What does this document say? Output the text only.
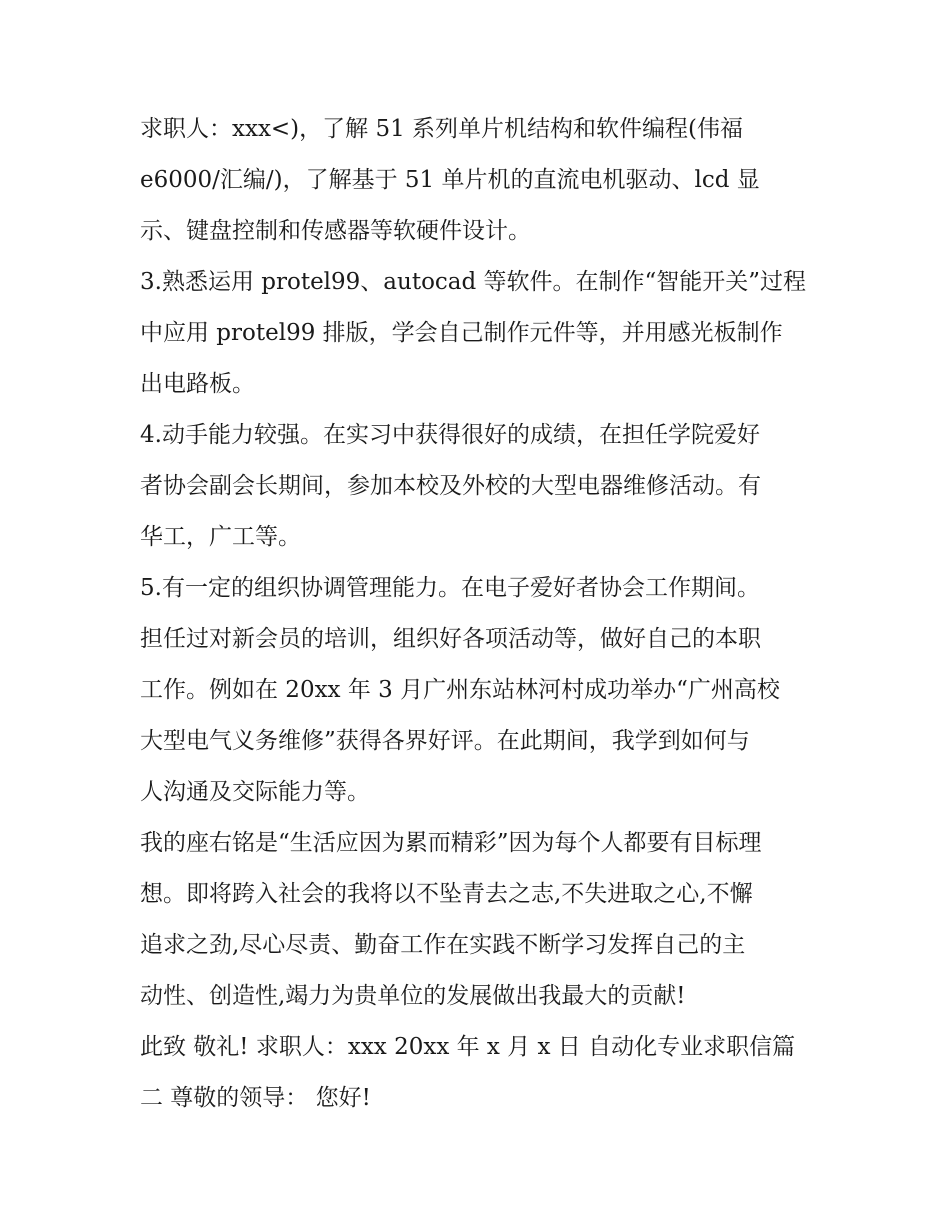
求职人：xxx<)，了解 51 系列单片机结构和软件编程(伟福
e6000/汇编/)，了解基于 51 单片机的直流电机驱动、lcd 显
示、键盘控制和传感器等软硬件设计。
3.熟悉运用 protel99、autocad 等软件。在制作“智能开关”过程
中应用 protel99 排版，学会自己制作元件等，并用感光板制作
出电路板。
4.动手能力较强。在实习中获得很好的成绩，在担任学院爱好
者协会副会长期间，参加本校及外校的大型电器维修活动。有
华工，广工等。
5.有一定的组织协调管理能力。在电子爱好者协会工作期间。
担任过对新会员的培训，组织好各项活动等，做好自己的本职
工作。例如在 20xx 年 3 月广州东站林河村成功举办“广州高校
大型电气义务维修”获得各界好评。在此期间，我学到如何与
人沟通及交际能力等。
我的座右铭是“生活应因为累而精彩”因为每个人都要有目标理
想。即将跨入社会的我将以不坠青去之志,不失进取之心,不懈
追求之劲,尽心尽责、勤奋工作在实践不断学习发挥自己的主
动性、创造性,竭力为贵单位的发展做出我最大的贡献!
此致 敬礼! 求职人：xxx 20xx 年 x 月 x 日 自动化专业求职信篇
二 尊敬的领导： 您好!
